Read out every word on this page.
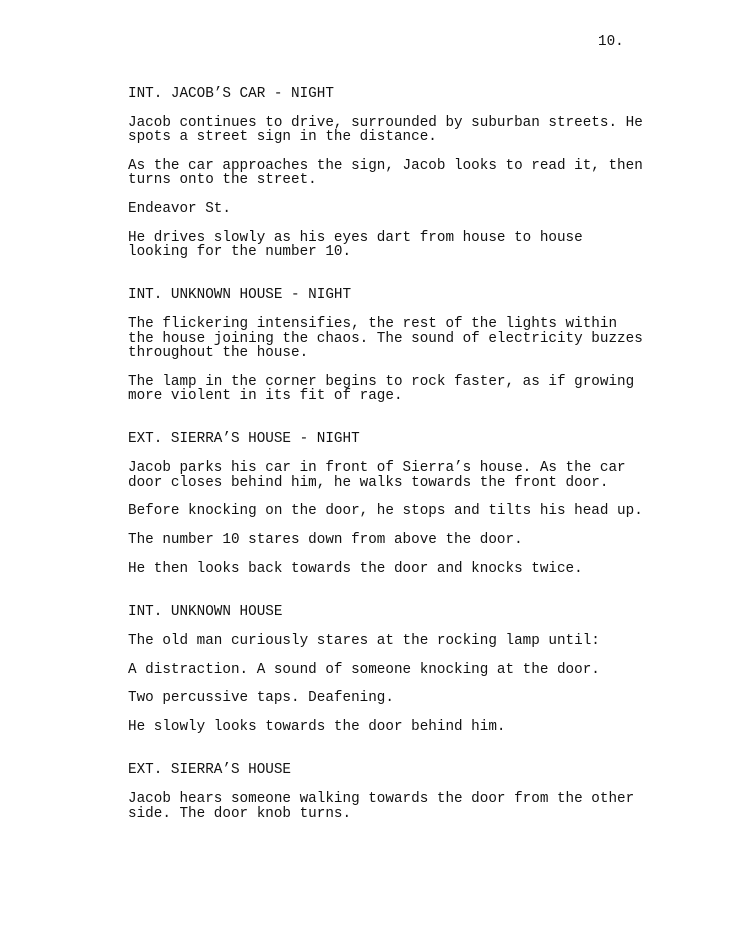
10.
INT. JACOB’S CAR - NIGHT
Jacob continues to drive, surrounded by suburban streets. He
spots a street sign in the distance.
As the car approaches the sign, Jacob looks to read it, then
turns onto the street.
Endeavor St.
He drives slowly as his eyes dart from house to house
looking for the number 10.
INT. UNKNOWN HOUSE - NIGHT
The flickering intensifies, the rest of the lights within
the house joining the chaos. The sound of electricity buzzes
throughout the house.
The lamp in the corner begins to rock faster, as if growing
more violent in its fit of rage.
EXT. SIERRA’S HOUSE - NIGHT
Jacob parks his car in front of Sierra’s house. As the car
door closes behind him, he walks towards the front door.
Before knocking on the door, he stops and tilts his head up.
The number 10 stares down from above the door.
He then looks back towards the door and knocks twice.
INT. UNKNOWN HOUSE
The old man curiously stares at the rocking lamp until:
A distraction. A sound of someone knocking at the door.
Two percussive taps. Deafening.
He slowly looks towards the door behind him.
EXT. SIERRA’S HOUSE
Jacob hears someone walking towards the door from the other
side. The door knob turns.
